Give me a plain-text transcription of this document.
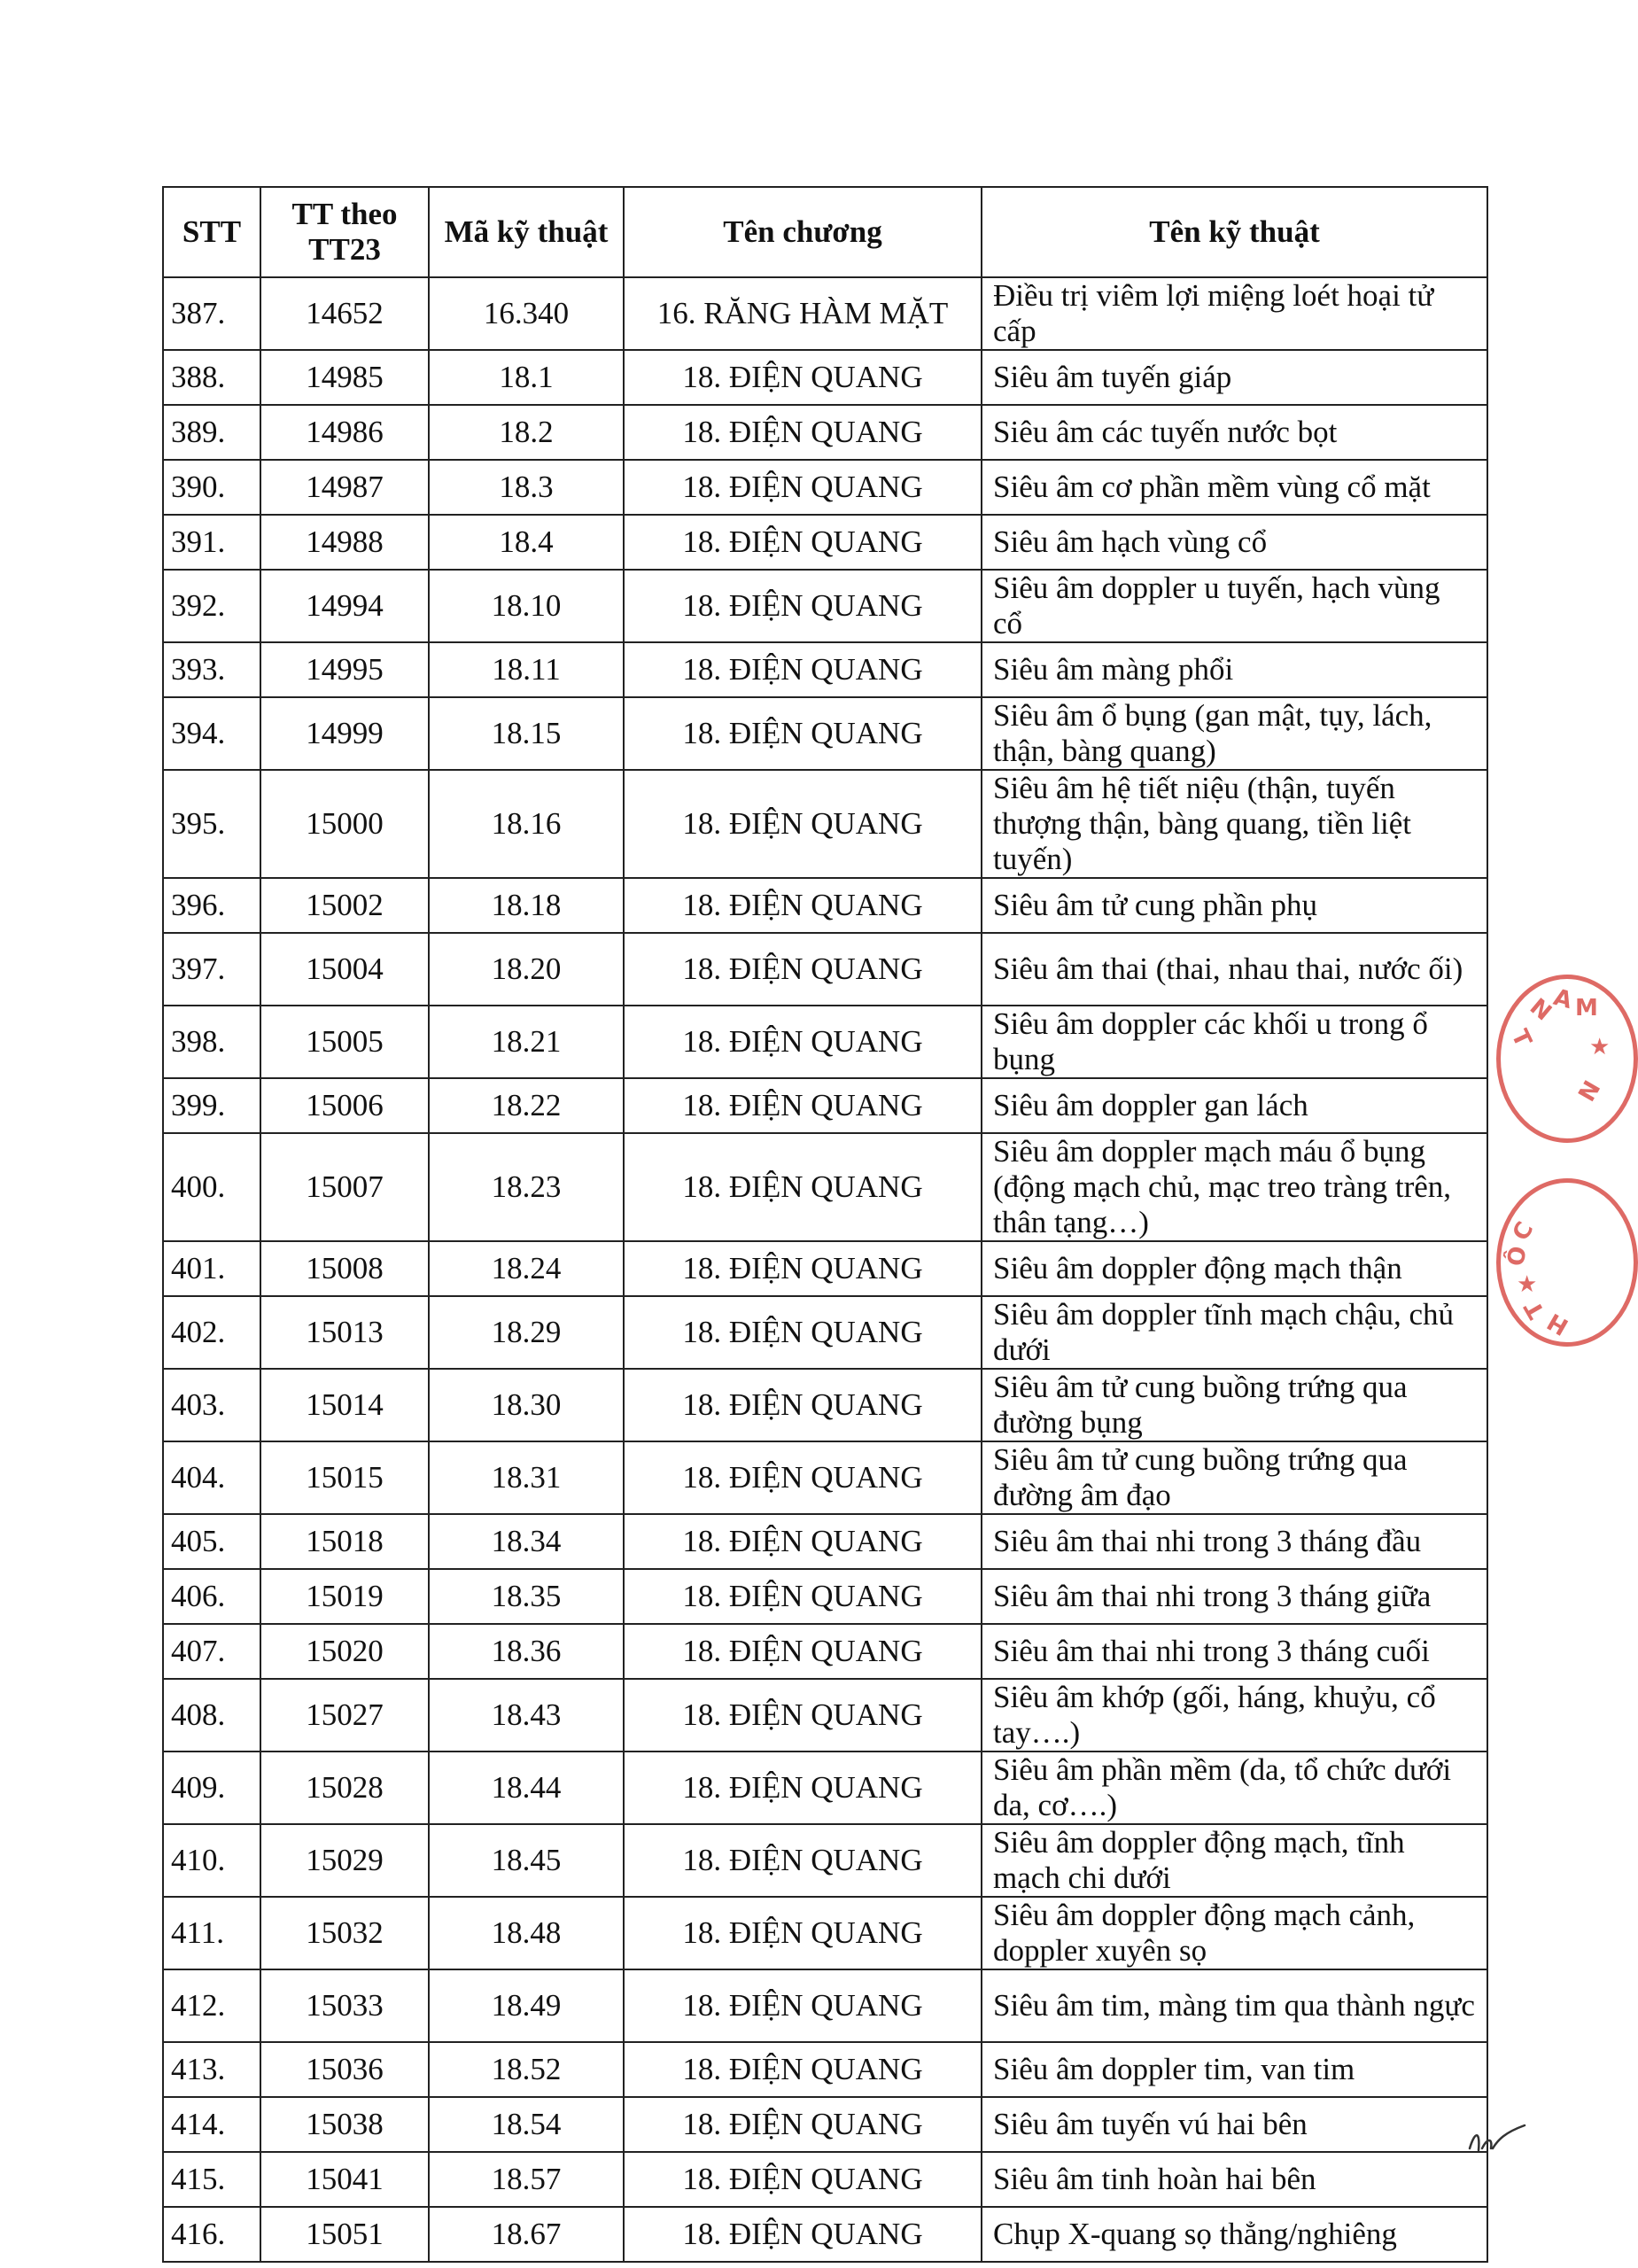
STT	TT theo TT23	Mã kỹ thuật	Tên chương	Tên kỹ thuật
387.	14652	16.340	16. RĂNG HÀM MẶT	Điều trị viêm lợi miệng loét hoại tử cấp
388.	14985	18.1	18. ĐIỆN QUANG	Siêu âm tuyến giáp
389.	14986	18.2	18. ĐIỆN QUANG	Siêu âm các tuyến nước bọt
390.	14987	18.3	18. ĐIỆN QUANG	Siêu âm cơ phần mềm vùng cổ mặt
391.	14988	18.4	18. ĐIỆN QUANG	Siêu âm hạch vùng cổ
392.	14994	18.10	18. ĐIỆN QUANG	Siêu âm doppler u tuyến, hạch vùng cổ
393.	14995	18.11	18. ĐIỆN QUANG	Siêu âm màng phổi
394.	14999	18.15	18. ĐIỆN QUANG	Siêu âm ổ bụng (gan mật, tụy, lách, thận, bàng quang)
395.	15000	18.16	18. ĐIỆN QUANG	Siêu âm hệ tiết niệu (thận, tuyến thượng thận, bàng quang, tiền liệt tuyến)
396.	15002	18.18	18. ĐIỆN QUANG	Siêu âm tử cung phần phụ
397.	15004	18.20	18. ĐIỆN QUANG	Siêu âm thai (thai, nhau thai, nước ối)
398.	15005	18.21	18. ĐIỆN QUANG	Siêu âm doppler các khối u trong ổ bụng
399.	15006	18.22	18. ĐIỆN QUANG	Siêu âm doppler gan lách
400.	15007	18.23	18. ĐIỆN QUANG	Siêu âm doppler mạch máu ổ bụng (động mạch chủ, mạc treo tràng trên, thân tạng…)
401.	15008	18.24	18. ĐIỆN QUANG	Siêu âm doppler động mạch thận
402.	15013	18.29	18. ĐIỆN QUANG	Siêu âm doppler tĩnh mạch chậu, chủ dưới
403.	15014	18.30	18. ĐIỆN QUANG	Siêu âm tử cung buồng trứng qua đường bụng
404.	15015	18.31	18. ĐIỆN QUANG	Siêu âm tử cung buồng trứng qua đường âm đạo
405.	15018	18.34	18. ĐIỆN QUANG	Siêu âm thai nhi trong 3 tháng đầu
406.	15019	18.35	18. ĐIỆN QUANG	Siêu âm thai nhi trong 3 tháng giữa
407.	15020	18.36	18. ĐIỆN QUANG	Siêu âm thai nhi trong 3 tháng cuối
408.	15027	18.43	18. ĐIỆN QUANG	Siêu âm khớp (gối, háng, khuỷu, cổ tay….)
409.	15028	18.44	18. ĐIỆN QUANG	Siêu âm phần mềm (da, tổ chức dưới da, cơ….)
410.	15029	18.45	18. ĐIỆN QUANG	Siêu âm doppler động mạch, tĩnh mạch chi dưới
411.	15032	18.48	18. ĐIỆN QUANG	Siêu âm doppler động mạch cảnh, doppler xuyên sọ
412.	15033	18.49	18. ĐIỆN QUANG	Siêu âm tim, màng tim qua thành ngực
413.	15036	18.52	18. ĐIỆN QUANG	Siêu âm doppler tim, van tim
414.	15038	18.54	18. ĐIỆN QUANG	Siêu âm tuyến vú hai bên
415.	15041	18.57	18. ĐIỆN QUANG	Siêu âm tinh hoàn hai bên
416.	15051	18.67	18. ĐIỆN QUANG	Chụp X-quang sọ thẳng/nghiêng
T
N
A M
★
N
C
Ô
★
T
H
